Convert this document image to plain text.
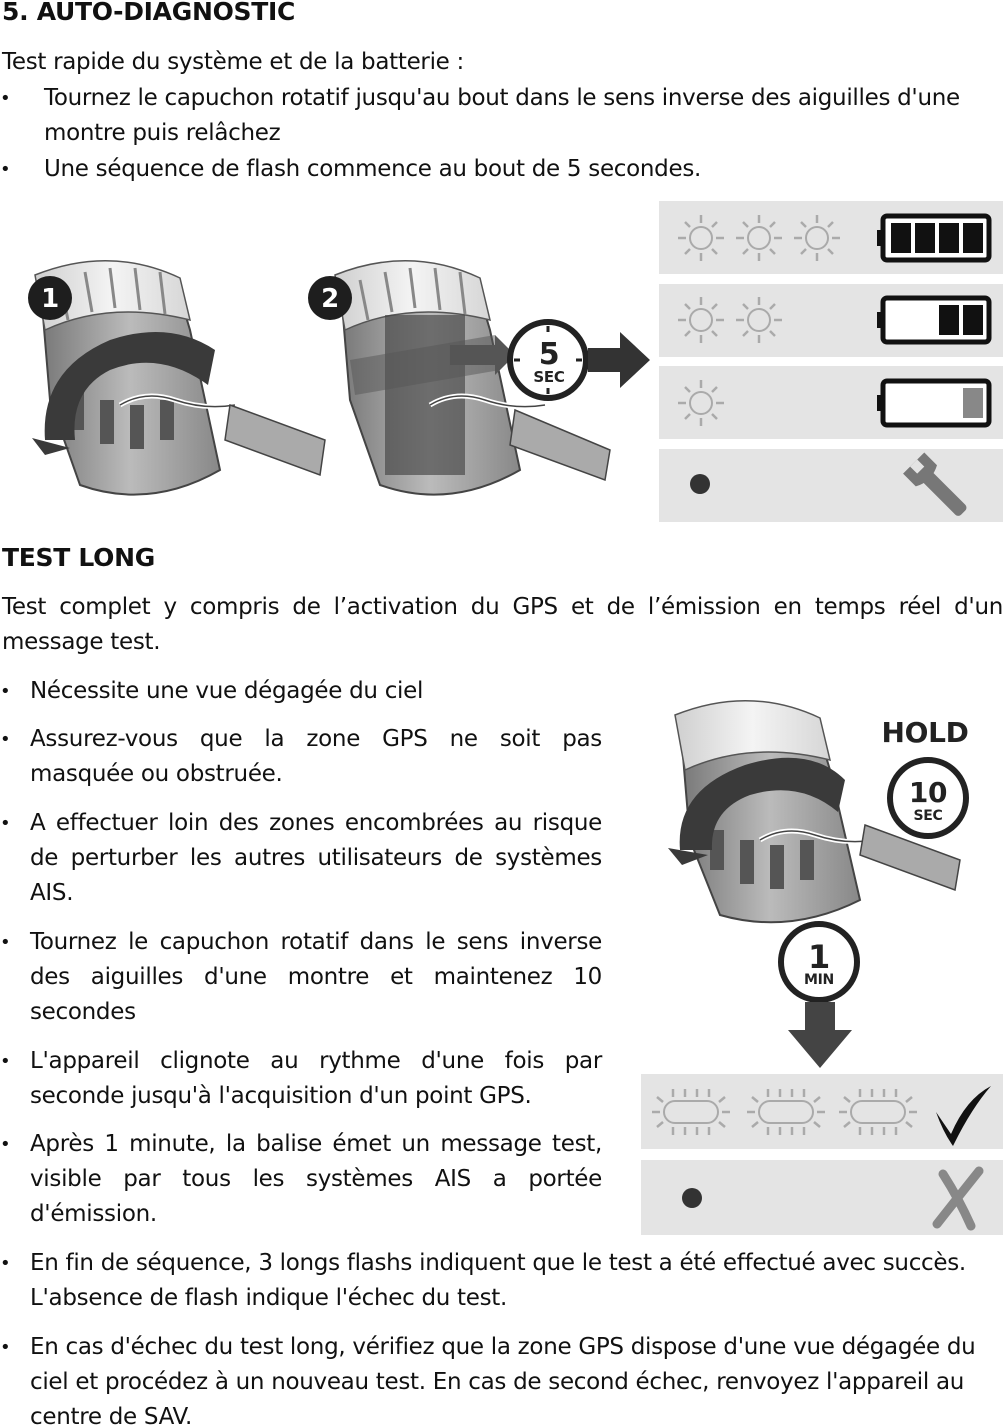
5. AUTO-DIAGNOSTIC
Test rapide du système et de la batterie :
• Tournez le capuchon rotatif jusqu'au bout dans le sens inverse des aiguilles d'une montre puis relâchez
• Une séquence de flash commence au bout de 5 secondes.
1	2
5
SEC
TEST LONG
Test complet y compris de l’activation du GPS et de l’émission en temps réel d'un message test.
• Nécessite une vue dégagée du ciel
• Assurez-vous que la zone GPS ne soit pas masquée ou obstruée.
• A effectuer loin des zones encombrées au risque de perturber les autres utilisateurs de systèmes AIS.
• Tournez le capuchon rotatif dans le sens inverse des aiguilles d'une montre et maintenez 10 secondes
• L'appareil clignote au rythme d'une fois par seconde jusqu'à l'acquisition d'un point GPS.
• Après 1 minute, la balise émet un message test, visible par tous les systèmes AIS a portée d'émission.
• En fin de séquence, 3 longs flashs indiquent que le test a été effectué avec succès. L'absence de flash indique l'échec du test.
• En cas d'échec du test long, vérifiez que la zone GPS dispose d'une vue dégagée du ciel et procédez à un nouveau test. En cas de second échec, renvoyez l'appareil au centre de SAV.
HOLD
10
SEC
1
MIN
